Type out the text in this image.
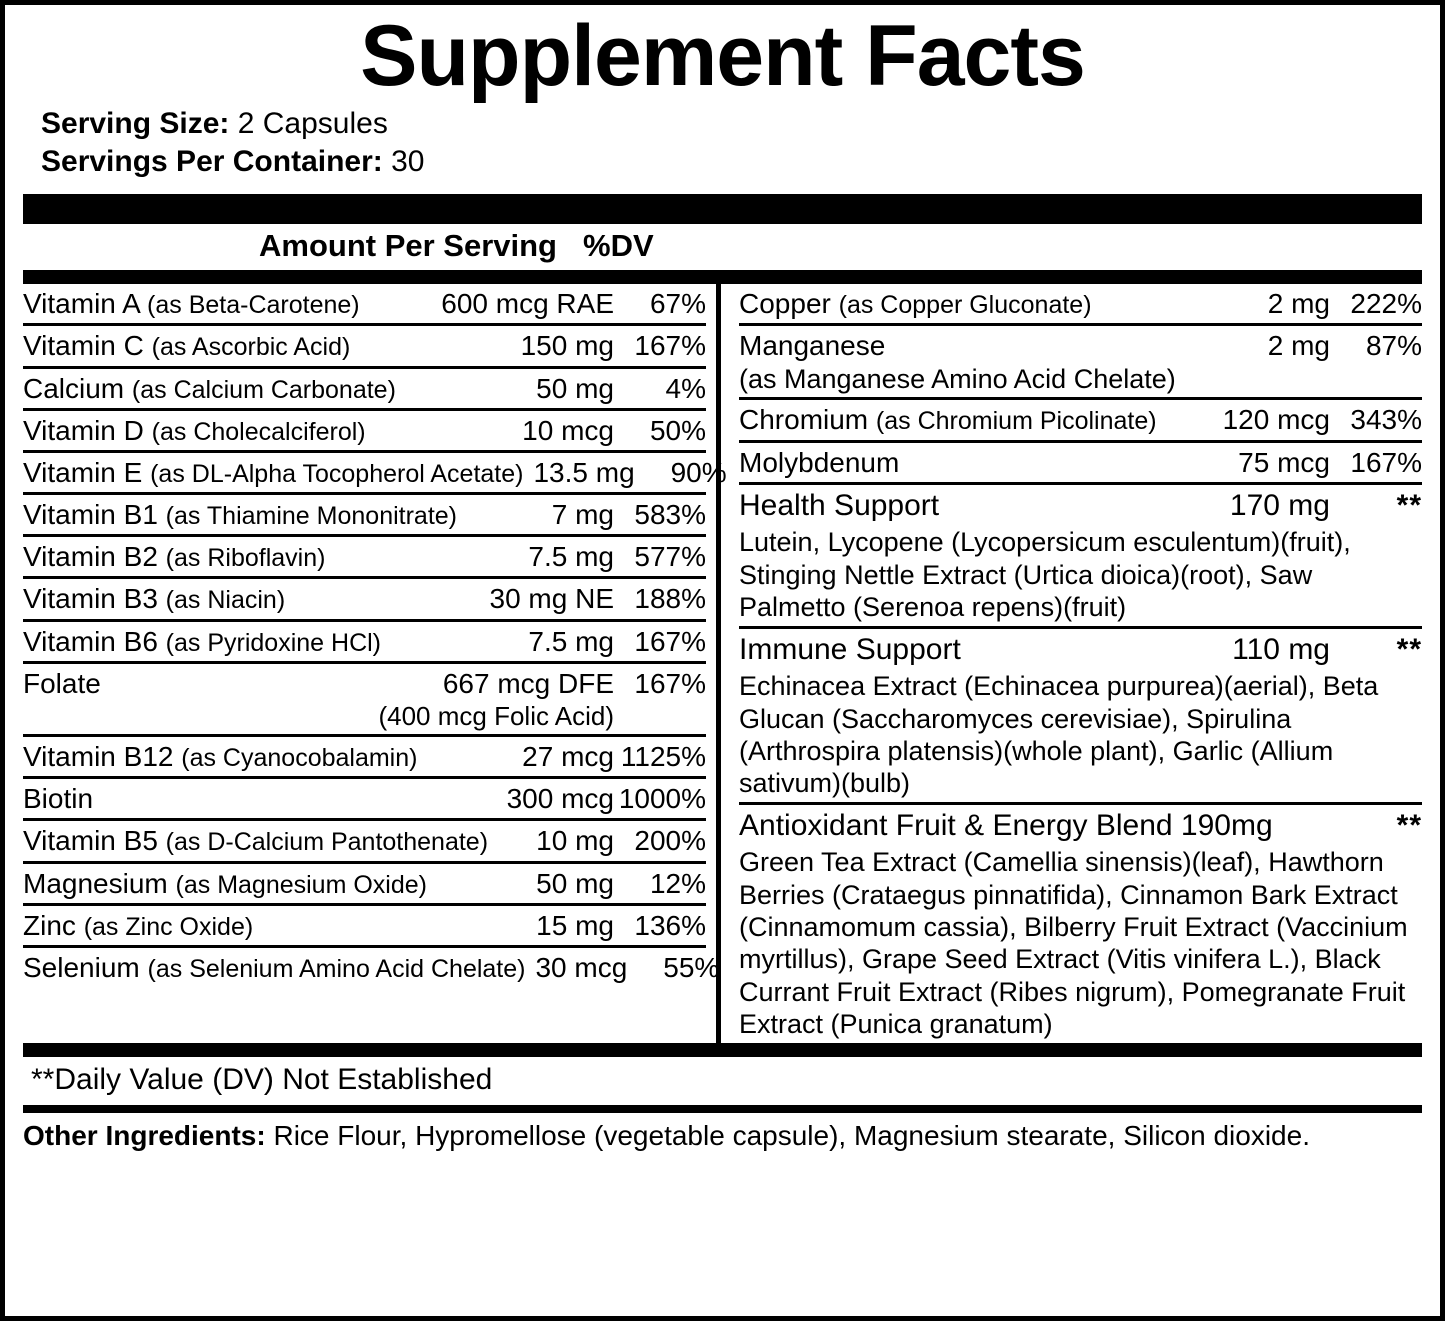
Supplement Facts
Serving Size: 2 Capsules
Servings Per Container: 30
Amount Per Serving %DV
Vitamin A (as Beta-Carotene)	600 mcg RAE	67%
Vitamin C (as Ascorbic Acid)	150 mg 167%
Calcium (as Calcium Carbonate)	50 mg	4%
Vitamin D (as Cholecalciferol)	10 mcg	50%
Vitamin E (as DL-Alpha Tocopherol Acetate) 13.5 mg	90%
Vitamin B1 (as Thiamine Mononitrate)	7 mg 583%
Vitamin B2 (as Riboflavin)	7.5 mg 577%
Vitamin B3 (as Niacin)	30 mg NE 188%
Vitamin B6 (as Pyridoxine HCl)	7.5 mg 167%
Folate	667 mcg DFE 167%
(400 mcg Folic Acid)
Vitamin B12 (as Cyanocobalamin)	27 mcg 1125%
Biotin	300 mcg 1000%
Vitamin B5 (as D-Calcium Pantothenate)	10 mg 200%
Magnesium (as Magnesium Oxide)	50 mg	12%
Zinc (as Zinc Oxide)	15 mg 136%
Selenium (as Selenium Amino Acid Chelate) 30 mcg	55%
Copper (as Copper Gluconate)	2 mg 222%
Manganese	2 mg	87%
(as Manganese Amino Acid Chelate)
Chromium (as Chromium Picolinate)	120 mcg 343%
Molybdenum	75 mcg 167%
Health Support	170 mg	**
Lutein, Lycopene (Lycopersicum esculentum)(fruit), Stinging Nettle Extract (Urtica dioica)(root), Saw Palmetto (Serenoa repens)(fruit)
Immune Support	110 mg	**
Echinacea Extract (Echinacea purpurea)(aerial), Beta Glucan (Saccharomyces cerevisiae), Spirulina (Arthrospira platensis)(whole plant), Garlic (Allium sativum)(bulb)
Antioxidant Fruit & Energy Blend 190mg	**
Green Tea Extract (Camellia sinensis)(leaf), Hawthorn Berries (Crataegus pinnatifida), Cinnamon Bark Extract (Cinnamomum cassia), Bilberry Fruit Extract (Vaccinium myrtillus), Grape Seed Extract (Vitis vinifera L.), Black Currant Fruit Extract (Ribes nigrum), Pomegranate Fruit Extract (Punica granatum)
**Daily Value (DV) Not Established
Other Ingredients: Rice Flour, Hypromellose (vegetable capsule), Magnesium stearate, Silicon dioxide.
